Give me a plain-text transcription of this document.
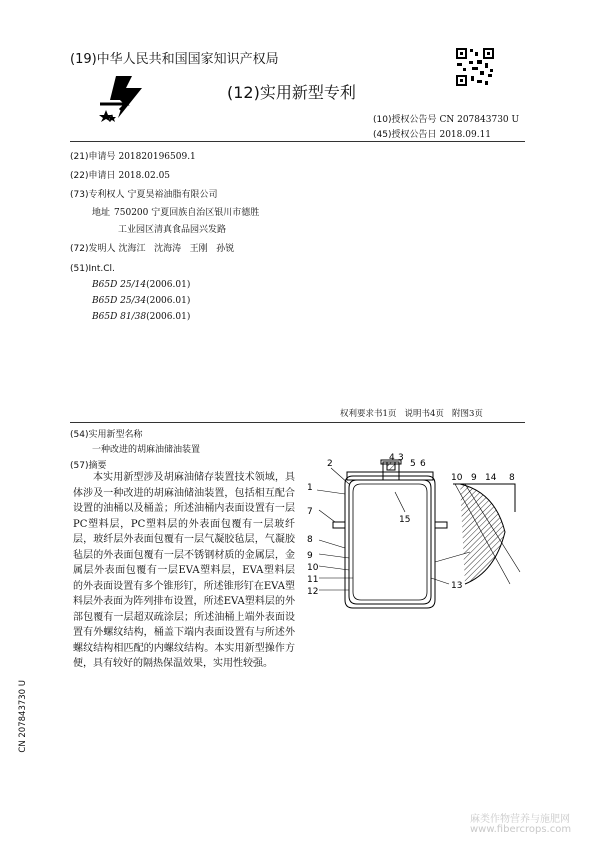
(19)中华人民共和国国家知识产权局
(12)实用新型专利
(10)授权公告号 CN 207843730 U
(45)授权公告日 2018.09.11
(21)申请号 201820196509.1
(22)申请日 2018.02.05
(73)专利权人 宁夏昊裕油脂有限公司
地址 750200 宁夏回族自治区银川市德胜
工业园区清真食品园兴发路
(72)发明人 沈海江   沈海涛   王刚   孙锐
(51)Int.Cl.
B65D 25/14(2006.01)
B65D 25/34(2006.01)
B65D 81/38(2006.01)
权利要求书1页   说明书4页   附图3页
(54)实用新型名称
一种改进的胡麻油储油装置
(57)摘要
本实用新型涉及胡麻油储存装置技术领域，具体涉及一种改进的胡麻油储油装置，包括相互配合设置的油桶以及桶盖；所述油桶内表面设置有一层PC塑料层，PC塑料层的外表面包覆有一层玻纤层，玻纤层外表面包覆有一层气凝胶毡层，气凝胶毡层的外表面包覆有一层不锈钢材质的金属层，金属层外表面包覆有一层EVA塑料层，EVA塑料层的外表面设置有多个锥形钉，所述锥形钉在EVA塑料层外表面为阵列排布设置，所述EVA塑料层的外部包覆有一层超双疏涂层；所述油桶上端外表面设置有外螺纹结构，桶盖下端内表面设置有与所述外螺纹结构相匹配的内螺纹结构。本实用新型操作方便，具有较好的隔热保温效果，实用性较强。
1
2
4 3
5 6
7
8
9
10
11
12
13
15
10 9 14 8
CN 207843730 U
麻类作物营养与施肥网
www.fibercrops.com
